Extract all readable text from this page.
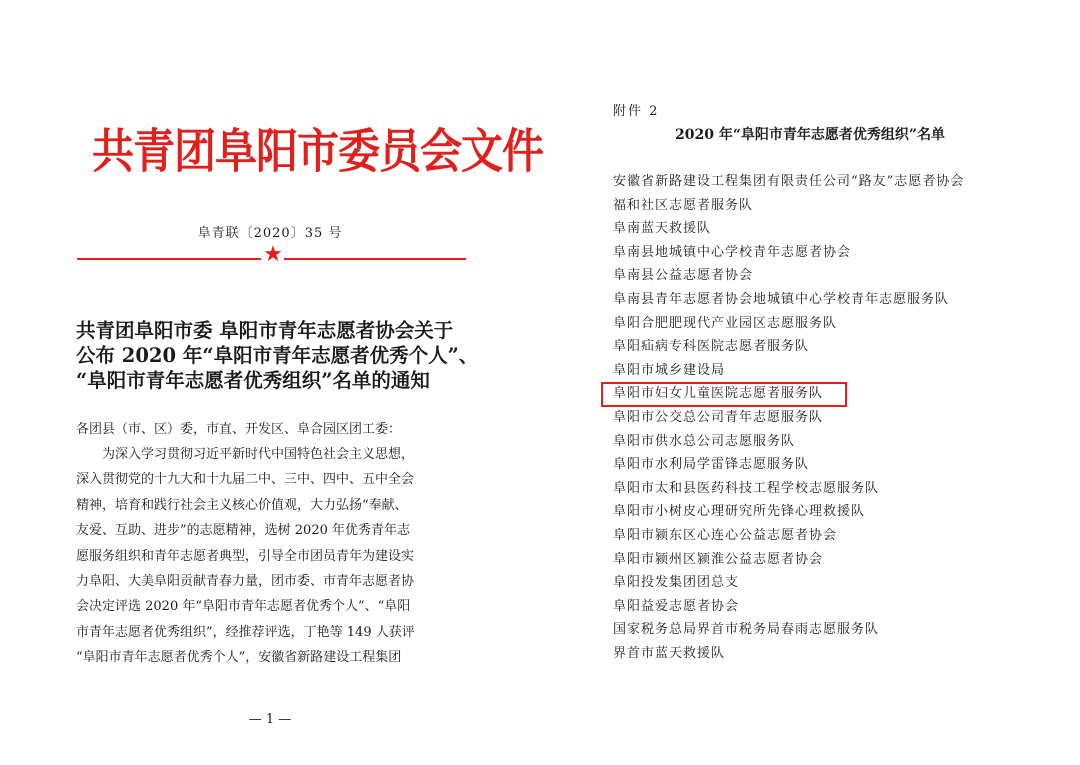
共青团阜阳市委员会文件
阜青联〔2020〕35 号
★
共青团阜阳市委 阜阳市青年志愿者协会关于
公布 2020 年“阜阳市青年志愿者优秀个人”、
“阜阳市青年志愿者优秀组织”名单的通知
各团县（市、区）委，市直、开发区、阜合园区团工委：
　　为深入学习贯彻习近平新时代中国特色社会主义思想，
深入贯彻党的十九大和十九届二中、三中、四中、五中全会
精神，培育和践行社会主义核心价值观，大力弘扬“奉献、
友爱、互助、进步”的志愿精神，选树 2020 年优秀青年志
愿服务组织和青年志愿者典型，引导全市团员青年为建设实
力阜阳、大美阜阳贡献青春力量，团市委、市青年志愿者协
会决定评选 2020 年“阜阳市青年志愿者优秀个人”、“阜阳
市青年志愿者优秀组织”，经推荐评选，丁艳等 149 人获评
“阜阳市青年志愿者优秀个人”，安徽省新路建设工程集团
— 1 —
附件 2
2020 年“阜阳市青年志愿者优秀组织”名单
安徽省新路建设工程集团有限责任公司“路友”志愿者协会
福和社区志愿者服务队
阜南蓝天救援队
阜南县地城镇中心学校青年志愿者协会
阜南县公益志愿者协会
阜南县青年志愿者协会地城镇中心学校青年志愿服务队
阜阳合肥肥现代产业园区志愿服务队
阜阳疝病专科医院志愿者服务队
阜阳市城乡建设局
阜阳市妇女儿童医院志愿者服务队
阜阳市公交总公司青年志愿服务队
阜阳市供水总公司志愿服务队
阜阳市水利局学雷锋志愿服务队
阜阳市太和县医药科技工程学校志愿服务队
阜阳市小树皮心理研究所先锋心理救援队
阜阳市颍东区心连心公益志愿者协会
阜阳市颍州区颍淮公益志愿者协会
阜阳投发集团团总支
阜阳益爱志愿者协会
国家税务总局界首市税务局春雨志愿服务队
界首市蓝天救援队
